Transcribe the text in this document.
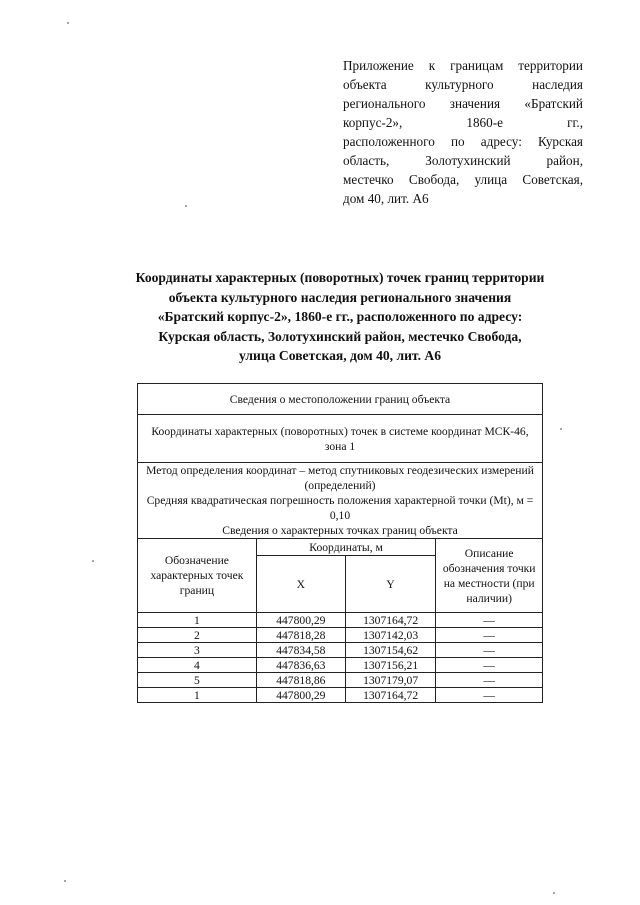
Приложение к границам территории
объекта культурного наследия
регионального значения «Братский
корпус-2», 1860-е гг.,
расположенного по адресу: Курская
область, Золотухинский район,
местечко Свобода, улица Советская,
дом 40, лит. А6
Координаты характерных (поворотных) точек границ территории
объекта культурного наследия регионального значения
«Братский корпус-2», 1860-е гг., расположенного по адресу:
Курская область, Золотухинский район, местечко Свобода,
улица Советская, дом 40, лит. А6
Сведения о местоположении границ объекта			
Координаты характерных (поворотных) точек в системе координат МСК-46, зона 1			

Метод определения координат – метод спутниковых геодезических измерений (определений)
Средняя квадратическая погрешность положения характерной точки (Mt), м = 0,10
Сведения о характерных точках границ объекта			

Обозначение характерных точек границ	Координаты, м		Описание обозначения точки на местности (при наличии)
	X	Y	
1	447800,29	1307164,72	—
2	447818,28	1307142,03	—
3	447834,58	1307154,62	—
4	447836,63	1307156,21	—
5	447818,86	1307179,07	—
1	447800,29	1307164,72	—
